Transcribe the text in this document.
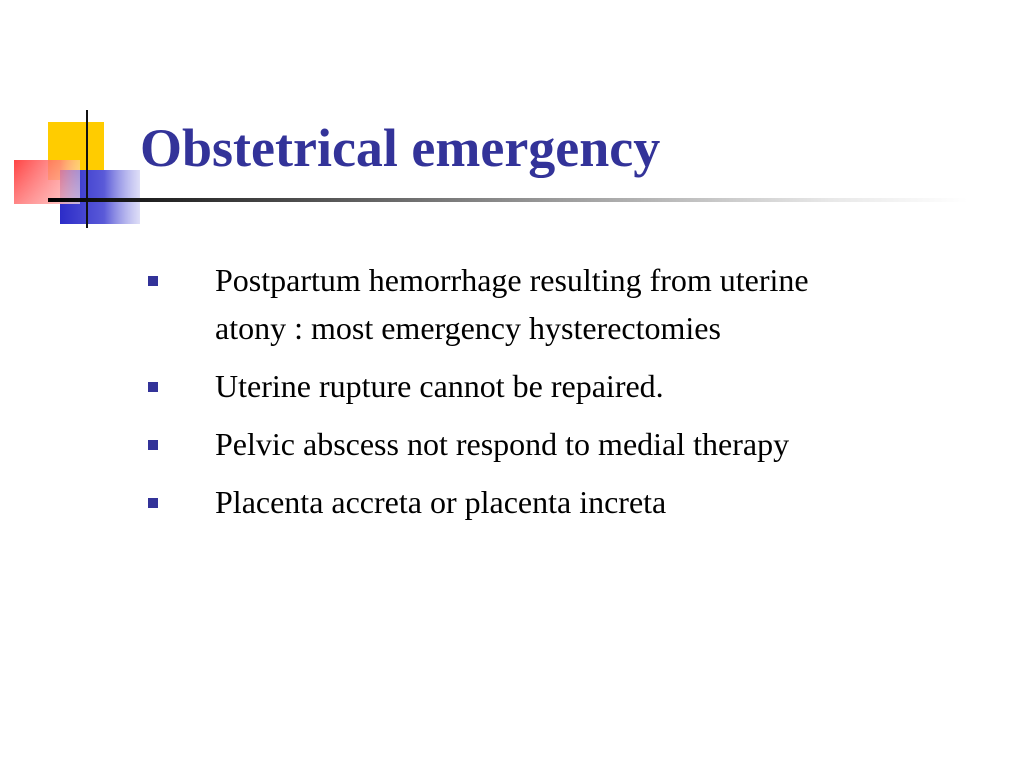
Obstetrical emergency
Postpartum hemorrhage resulting from uterine atony : most emergency hysterectomies
Uterine rupture cannot be repaired.
Pelvic abscess not respond to medial therapy
Placenta accreta or placenta increta
